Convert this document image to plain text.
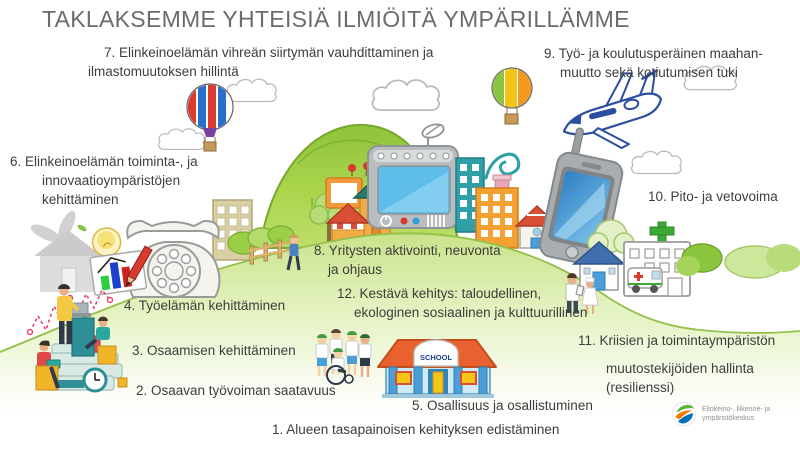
TAKLAKSEMME YHTEISIÄ ILMIÖITÄ YMPÄRILLÄMME
SCHOOL
1. Alueen tasapainoisen kehityksen edistäminen
2. Osaavan työvoiman saatavuus
3. Osaamisen kehittäminen
4. Työelämän kehittäminen
5. Osallisuus ja osallistuminen
6. Elinkeinoelämän toiminta-, ja
innovaatioympäristöjen
kehittäminen
7. Elinkeinoelämän vihreän siirtymän vauhdittaminen ja
ilmastomuutoksen hillintä
8. Yritysten aktivointi, neuvonta
ja ohjaus
9. Työ- ja koulutusperäinen maahan-
muutto sekä kotiutumisen tuki
10. Pito- ja vetovoima
11. Kriisien ja toimintaympäristön
muutostekijöiden hallinta
(resilienssi)
12. Kestävä kehitys: taloudellinen,
ekologinen sosiaalinen ja kulttuurillinen
Elinkeino-, liikenne- ja
ympäristökeskus
